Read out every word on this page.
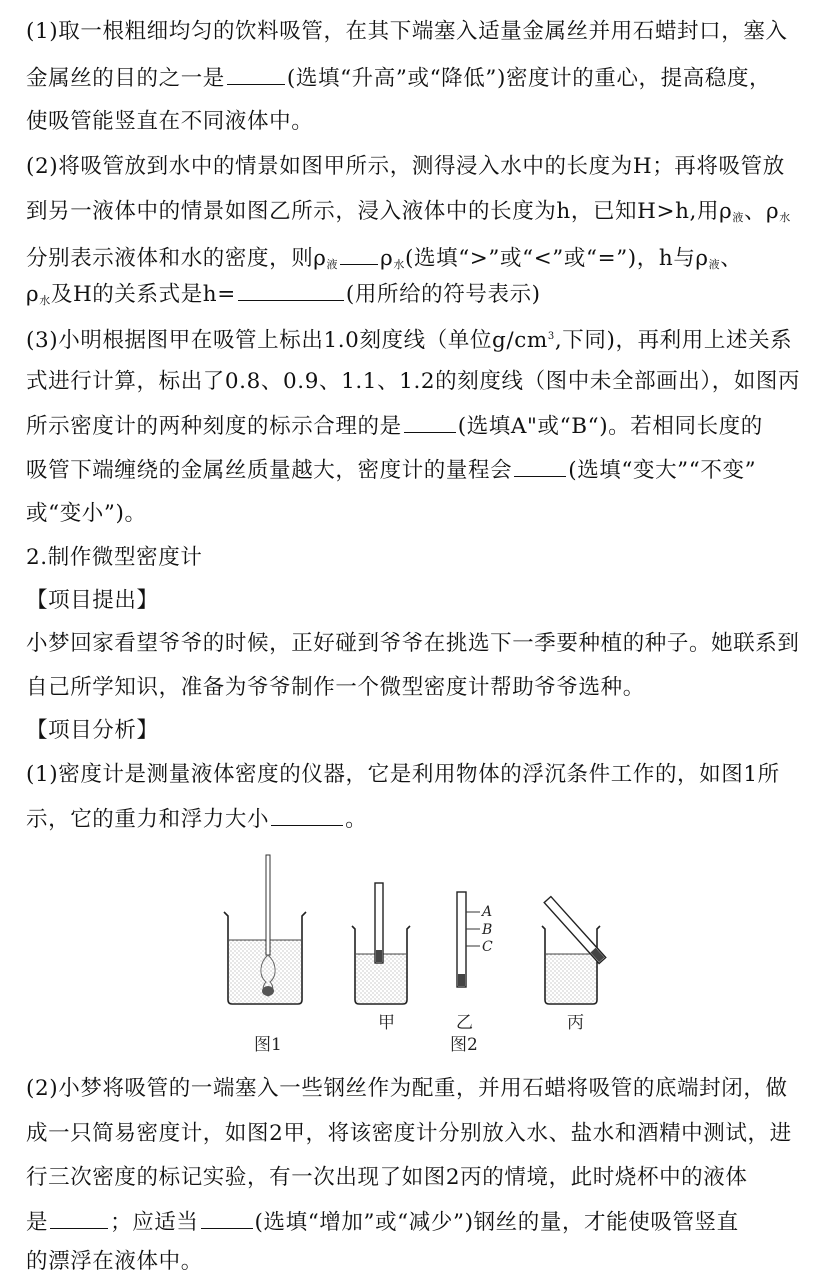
(1)取一根粗细均匀的饮料吸管，在其下端塞入适量金属丝并用石蜡封口，塞入
金属丝的目的之一是	(选填“升高”或“降低”)密度计的重心，提高稳度，
使吸管能竖直在不同液体中。
(2)将吸管放到水中的情景如图甲所示，测得浸入水中的长度为H；再将吸管放
到另一液体中的情景如图乙所示，浸入液体中的长度为h，已知H>h,用$\rho_液$、$\rho_水$
分别表示液体和水的密度，则$\rho_液$ $\rho_水$(选填“>”或“<”或“=”)，h与$\rho_液$、
$\rho_水$及H的关系式是h=	(用所给的符号表示)
(3)小明根据图甲在吸管上标出1.0刻度线（单位$g/cm^3$,下同)，再利用上述关系
式进行计算，标出了0.8、0.9、1.1、1.2的刻度线（图中未全部画出），如图丙
所示密度计的两种刻度的标示合理的是	(选填A"或“B“)。若相同长度的
吸管下端缠绕的金属丝质量越大，密度计的量程会	(选填“变大”“不变”
或“变小”)。
2.制作微型密度计
【项目提出】
小梦回家看望爷爷的时候，正好碰到爷爷在挑选下一季要种植的种子。她联系到
自己所学知识，准备为爷爷制作一个微型密度计帮助爷爷选种。
【项目分析】
(1)密度计是测量液体密度的仪器，它是利用物体的浮沉条件工作的，如图1所
示，它的重力和浮力大小	。
A
B
C
甲	乙	丙
图1	图2
(2)小梦将吸管的一端塞入一些钢丝作为配重，并用石蜡将吸管的底端封闭，做
成一只简易密度计，如图2甲，将该密度计分别放入水、盐水和酒精中测试，进
行三次密度的标记实验，有一次出现了如图2丙的情境，此时烧杯中的液体
是	；应适当	(选填“增加”或“减少”)钢丝的量，才能使吸管竖直
的漂浮在液体中。
